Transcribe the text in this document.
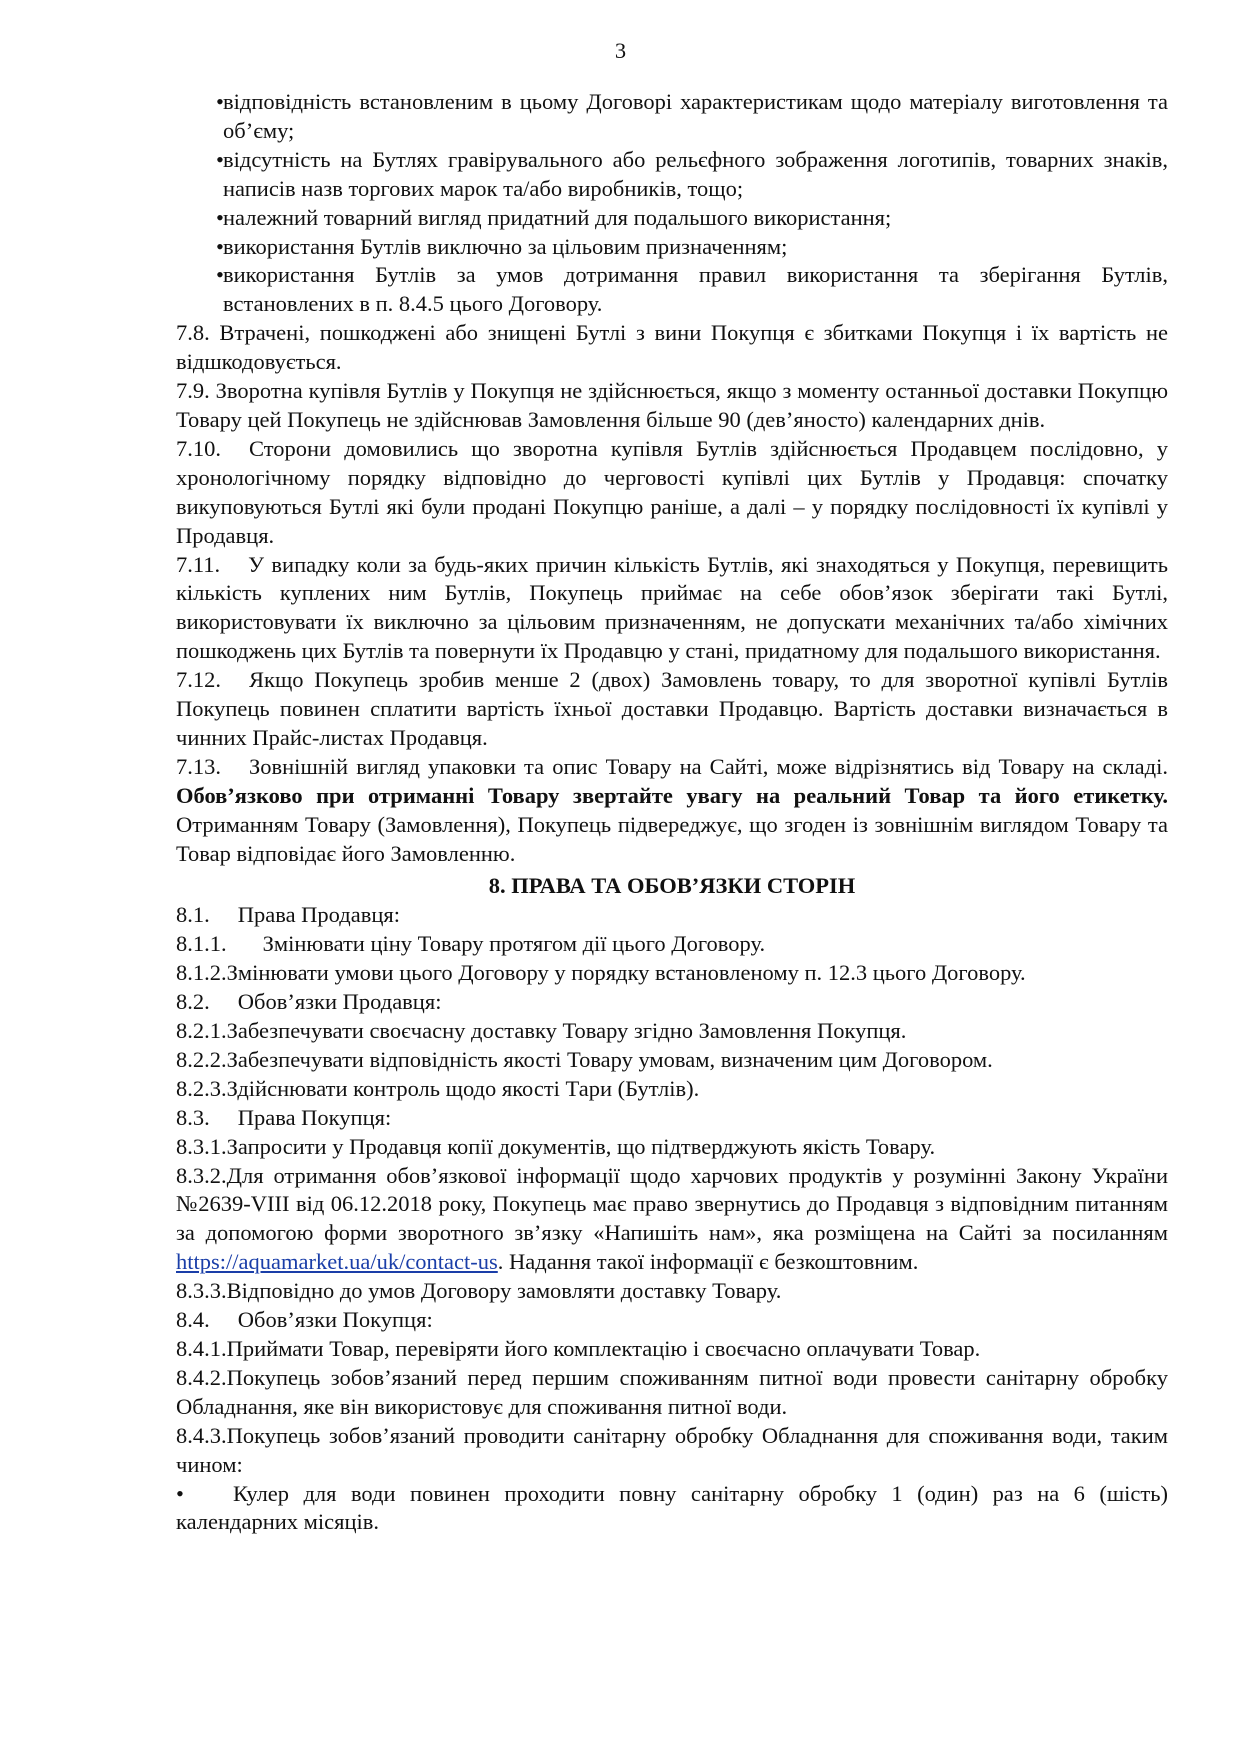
3
• відповідність встановленим в цьому Договорі характеристикам щодо матеріалу виготовлення та об’єму;
• відсутність на Бутлях гравірувального або рельєфного зображення логотипів, товарних знаків, написів назв торгових марок та/або виробників, тощо;
• належний товарний вигляд придатний для подальшого використання;
• використання Бутлів виключно за цільовим призначенням;
• використання Бутлів за умов дотримання правил використання та зберігання Бутлів, встановлених в п. 8.4.5 цього Договору.

7.8. Втрачені, пошкоджені або знищені Бутлі з вини Покупця є збитками Покупця і їх вартість не відшкодовується.

7.9. Зворотна купівля Бутлів у Покупця не здійснюється, якщо з моменту останньої доставки Покупцю Товару цей Покупець не здійснював Замовлення більше 90 (дев’яносто) календарних днів.

7.10. Сторони домовились що зворотна купівля Бутлів здійснюється Продавцем послідовно, у хронологічному порядку відповідно до черговості купівлі цих Бутлів у Продавця: спочатку викуповуються Бутлі які були продані Покупцю раніше, а далі – у порядку послідовності їх купівлі у Продавця.

7.11. У випадку коли за будь-яких причин кількість Бутлів, які знаходяться у Покупця, перевищить кількість куплених ним Бутлів, Покупець приймає на себе обов’язок зберігати такі Бутлі, використовувати їх виключно за цільовим призначенням, не допускати механічних та/або хімічних пошкоджень цих Бутлів та повернути їх Продавцю у стані, придатному для подальшого використання.

7.12. Якщо Покупець зробив менше 2 (двох) Замовлень товару, то для зворотної купівлі Бутлів Покупець повинен сплатити вартість їхньої доставки Продавцю. Вартість доставки визначається в чинних Прайс-листах Продавця.

7.13. Зовнішній вигляд упаковки та опис Товару на Сайті, може відрізнятись від Товару на складі. Обов’язково при отриманні Товару звертайте увагу на реальний Товар та його етикетку. Отриманням Товару (Замовлення), Покупець підвереджує, що згоден із зовнішнім виглядом Товару та Товар відповідає його Замовленню.

8. ПРАВА ТА ОБОВ’ЯЗКИ СТОРІН

8.1. Права Продавця:

8.1.1. Змінювати ціну Товару протягом дії цього Договору.

8.1.2.Змінювати умови цього Договору у порядку встановленому п. 12.3 цього Договору.

8.2. Обов’язки Продавця:

8.2.1.Забезпечувати своєчасну доставку Товару згідно Замовлення Покупця.

8.2.2.Забезпечувати відповідність якості Товару умовам, визначеним цим Договором.

8.2.3.Здійснювати контроль щодо якості Тари (Бутлів).

8.3. Права Покупця:

8.3.1.Запросити у Продавця копії документів, що підтверджують якість Товару.

8.3.2.Для отримання обов’язкової інформації щодо харчових продуктів у розумінні Закону України №2639-VIII від 06.12.2018 року, Покупець має право звернутись до Продавця з відповідним питанням за допомогою форми зворотного зв’язку «Напишіть нам», яка розміщена на Сайті за посиланням https://aquamarket.ua/uk/contact-us. Надання такої інформації є безкоштовним.

8.3.3.Відповідно до умов Договору замовляти доставку Товару.

8.4. Обов’язки Покупця:

8.4.1.Приймати Товар, перевіряти його комплектацію і своєчасно оплачувати Товар.

8.4.2.Покупець зобов’язаний перед першим споживанням питної води провести санітарну обробку Обладнання, яке він використовує для споживання питної води.

8.4.3.Покупець зобов’язаний проводити санітарну обробку Обладнання для споживання води, таким чином:

• Кулер для води повинен проходити повну санітарну обробку 1 (один) раз на 6 (шість) календарних місяців.
